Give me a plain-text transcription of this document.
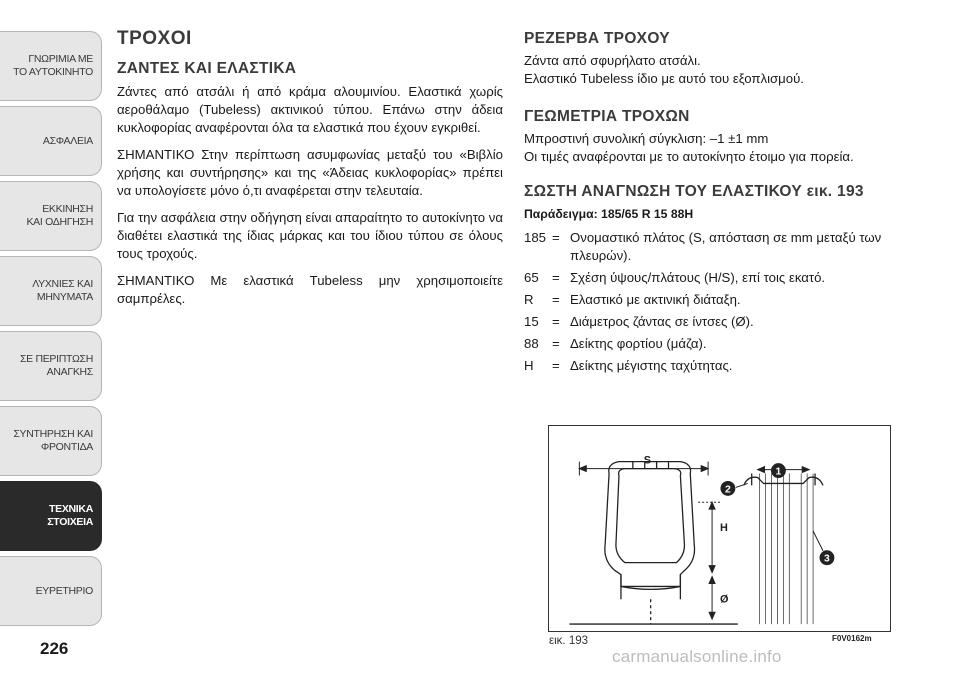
ΓΝΩΡΙΜΙΑ ΜΕ
ΤΟ ΑΥΤΟΚΙΝΗΤΟ
ΑΣΦΑΛΕΙΑ
ΕΚΚΙΝΗΣΗ
ΚΑΙ ΟΔΗΓΗΣΗ
ΛΥΧΝΙΕΣ ΚΑΙ
ΜΗΝΥΜΑΤΑ
ΣΕ ΠΕΡΙΠΤΩΣΗ
ΑΝΑΓΚΗΣ
ΣΥΝΤΗΡΗΣΗ ΚΑΙ
ΦΡΟΝΤΙΔΑ
ΤΕΧΝΙΚΑ
ΣΤΟΙΧΕΙΑ
ΕΥΡΕΤΗΡΙΟ
226
ΤΡΟΧΟΙ
ΖΑΝΤΕΣ ΚΑΙ ΕΛΑΣΤΙΚΑ

Ζάντες από ατσάλι ή από κράμα αλουμινίου. Ελαστικά χωρίς αεροθάλαμο (Tubeless) ακτινικού τύπου. Επάνω στην άδεια κυκλοφορίας αναφέρονται όλα τα ελαστικά που έχουν εγκριθεί.

ΣΗΜΑΝΤΙΚΟ Στην περίπτωση ασυμφωνίας μεταξύ του «Βιβλίο χρήσης και συντήρησης» και της «Άδειας κυκλοφορίας» πρέπει να υπολογίσετε μόνο ό,τι αναφέρεται στην τελευταία.

Για την ασφάλεια στην οδήγηση είναι απαραίτητο το αυτοκίνητο να διαθέτει ελαστικά της ίδιας μάρκας και του ίδιου τύπου σε όλους τους τροχούς.

ΣΗΜΑΝΤΙΚΟ Με ελαστικά Tubeless μην χρησιμοποιείτε σαμπρέλες.

ΡΕΖΕΡΒΑ ΤΡΟΧΟΥ
Ζάντα από σφυρήλατο ατσάλι.
Ελαστικό Tubeless ίδιο με αυτό του εξοπλισμού.
ΓΕΩΜΕΤΡΙΑ ΤΡΟΧΩΝ
Μπροστινή συνολική σύγκλιση: –1 ±1 mm

Οι τιμές αναφέρονται με το αυτοκίνητο έτοιμο για πορεία.

ΣΩΣΤΗ ΑΝΑΓΝΩΣΗ ΤΟΥ ΕΛΑΣΤΙΚΟΥ εικ. 193
Παράδειγμα: 185/65 R 15 88H
185 = Ονομαστικό πλάτος (S, απόσταση σε mm μεταξύ των πλευρών).
65	= Σχέση ύψους/πλάτους (H/S), επί τοις εκατό.
R	= Ελαστικό με ακτινική διάταξη.
15	= Διάμετρος ζάντας σε ίντσες (Ø).
88	= Δείκτης φορτίου (μάζα).
H	= Δείκτης μέγιστης ταχύτητας.
S
H
Ø
1
2
3
εικ. 193	F0V0162m
carmanualsonline.info
